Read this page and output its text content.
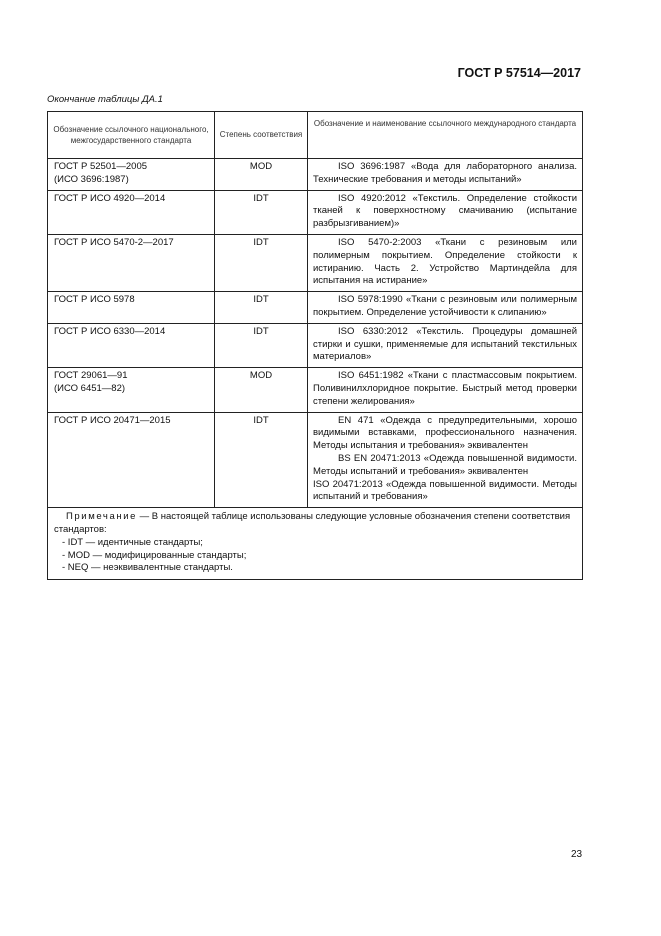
ГОСТ Р 57514—2017
Окончание таблицы ДА.1
Обозначение ссылочного национального, межгосударственного стандарта	Степень соответствия	Обозначение и наименование ссылочного международного стандарта

ГОСТ Р 52501—2005
(ИСО 3696:1987)	MOD	ISO 3696:1987 «Вода для лабораторного анализа. Технические требования и методы испытаний»

ГОСТ Р ИСО 4920—2014	IDT	ISO 4920:2012 «Текстиль. Определение стойкости тканей к поверхностному смачиванию (испытание разбрызгиванием)»

ГОСТ Р ИСО 5470-2—2017	IDT	ISO 5470-2:2003 «Ткани с резиновым или полимерным покрытием. Определение стойкости к истиранию. Часть 2. Устройство Мартиндейла для испытания на истирание»

ГОСТ Р ИСО 5978	IDT	ISO 5978:1990 «Ткани с резиновым или полимерным покрытием. Определение устойчивости к слипанию»

ГОСТ Р ИСО 6330—2014	IDT	ISO 6330:2012 «Текстиль. Процедуры домашней стирки и сушки, применяемые для испытаний текстильных материалов»

ГОСТ 29061—91
(ИСО 6451—82)	MOD	ISO 6451:1982 «Ткани с пластмассовым покрытием. Поливинилхлоридное покрытие. Быстрый метод проверки степени желирования»

ГОСТ Р ИСО 20471—2015	IDT	EN 471 «Одежда с предупредительными, хорошо видимыми вставками, профессионального назначения. Методы испытания и требования» эквивалентен
BS EN 20471:2013 «Одежда повышенной видимости. Методы испытаний и требования» эквивалентен
ISO 20471:2013 «Одежда повышенной видимости. Методы испытаний и требования»

Примечание — В настоящей таблице использованы следующие условные обозначения степени соответствия стандартов:
- IDT — идентичные стандарты;
- MOD — модифицированные стандарты;
- NEQ — неэквивалентные стандарты.		
23
